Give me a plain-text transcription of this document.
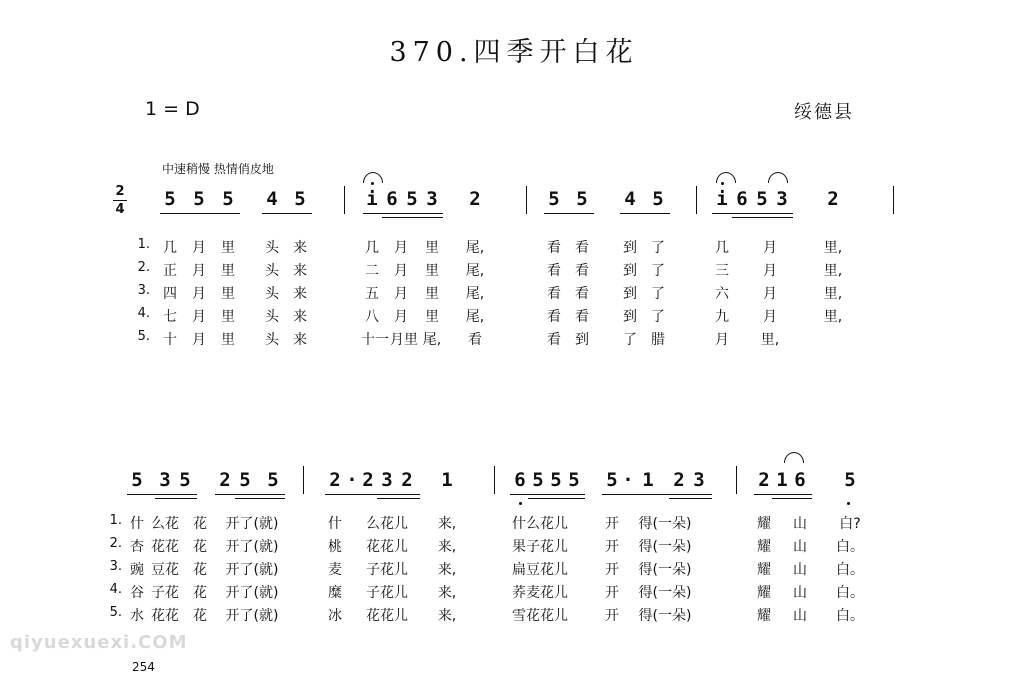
370.四季开白花
1 = D	绥德县
中速稍慢 热情俏皮地
2
4 5 5 5 4 5	i 6 5 3 2	5 5 4 5	i 6 5 3 2
1. 几 月 里 头 来	几 月 里 尾,	看 看 到 了	几 月	里,
2. 正 月 里 头 来	二 月 里 尾,	看 看 到 了	三 月	里,
3. 四 月 里 头 来	五 月 里 尾,	看 看 到 了	六 月	里,
4. 七 月 里 头 来	八 月 里 尾,	看 看 到 了	九 月	里,
5. 十 月 里 头 来	十一 月里 尾, 看	看 到 了 腊	月 里,
5 3 5 2 5 5	2 · 2 3 2 1	6 5 5 5 5 · 1 2 3	2 1 6 5
1. 什 么花 花	开了(就)	什 么花儿	来,	什么花儿	开	得(一朵)	耀 山	白?
2. 杏 花花 花	开了(就)	桃 花花儿	来,	果子花儿	开	得(一朵)	耀 山 白。
3. 豌 豆花 花	开了(就)	麦 子花儿	来,	扁豆花儿	开	得(一朵)	耀 山 白。
4. 谷 子花 花	开了(就)	糜 子花儿	来,	荞麦花儿	开	得(一朵)	耀 山 白。
5. 水 花花 花	开了(就)	冰 花花儿	来,	雪花花儿	开	得(一朵)	耀 山 白。
qiyuexuexi.COM
254
